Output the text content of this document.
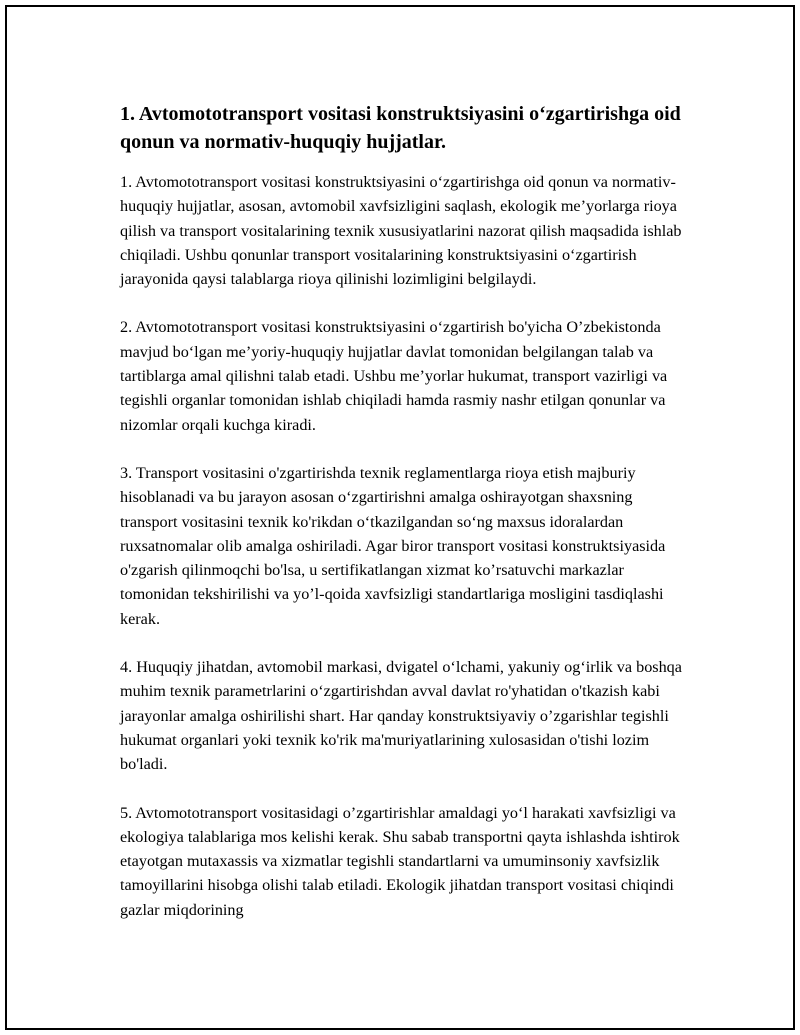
1. Avtomototransport vositasi konstruktsiyasini o‘zgartirishga oid qonun va normativ-huquqiy hujjatlar.

1. Avtomototransport vositasi konstruktsiyasini o‘zgartirishga oid qonun va normativ-huquqiy hujjatlar, asosan, avtomobil xavfsizligini saqlash, ekologik me’yorlarga rioya qilish va transport vositalarining texnik xususiyatlarini nazorat qilish maqsadida ishlab chiqiladi. Ushbu qonunlar transport vositalarining konstruktsiyasini o‘zgartirish jarayonida qaysi talablarga rioya qilinishi lozimligini belgilaydi.

2. Avtomototransport vositasi konstruktsiyasini o‘zgartirish bo'yicha O’zbekistonda mavjud bo‘lgan me’yoriy-huquqiy hujjatlar davlat tomonidan belgilangan talab va tartiblarga amal qilishni talab etadi. Ushbu me’yorlar hukumat, transport vazirligi va tegishli organlar tomonidan ishlab chiqiladi hamda rasmiy nashr etilgan qonunlar va nizomlar orqali kuchga kiradi.

3. Transport vositasini o'zgartirishda texnik reglamentlarga rioya etish majburiy hisoblanadi va bu jarayon asosan o‘zgartirishni amalga oshirayotgan shaxsning transport vositasini texnik ko'rikdan o‘tkazilgandan so‘ng maxsus idoralardan ruxsatnomalar olib amalga oshiriladi. Agar biror transport vositasi konstruktsiyasida o'zgarish qilinmoqchi bo'lsa, u sertifikatlangan xizmat ko’rsatuvchi markazlar tomonidan tekshirilishi va yo’l-qoida xavfsizligi standartlariga mosligini tasdiqlashi kerak.

4. Huquqiy jihatdan, avtomobil markasi, dvigatel o‘lchami, yakuniy og‘irlik va boshqa muhim texnik parametrlarini o‘zgartirishdan avval davlat ro'yhatidan o'tkazish kabi jarayonlar amalga oshirilishi shart. Har qanday konstruktsiyaviy o’zgarishlar tegishli hukumat organlari yoki texnik ko'rik ma'muriyatlarining xulosasidan o'tishi lozim bo'ladi.

5. Avtomototransport vositasidagi o’zgartirishlar amaldagi yo‘l harakati xavfsizligi va ekologiya talablariga mos kelishi kerak. Shu sabab transportni qayta ishlashda ishtirok etayotgan mutaxassis va xizmatlar tegishli standartlarni va umuminsoniy xavfsizlik tamoyillarini hisobga olishi talab etiladi. Ekologik jihatdan transport vositasi chiqindi gazlar miqdorining
